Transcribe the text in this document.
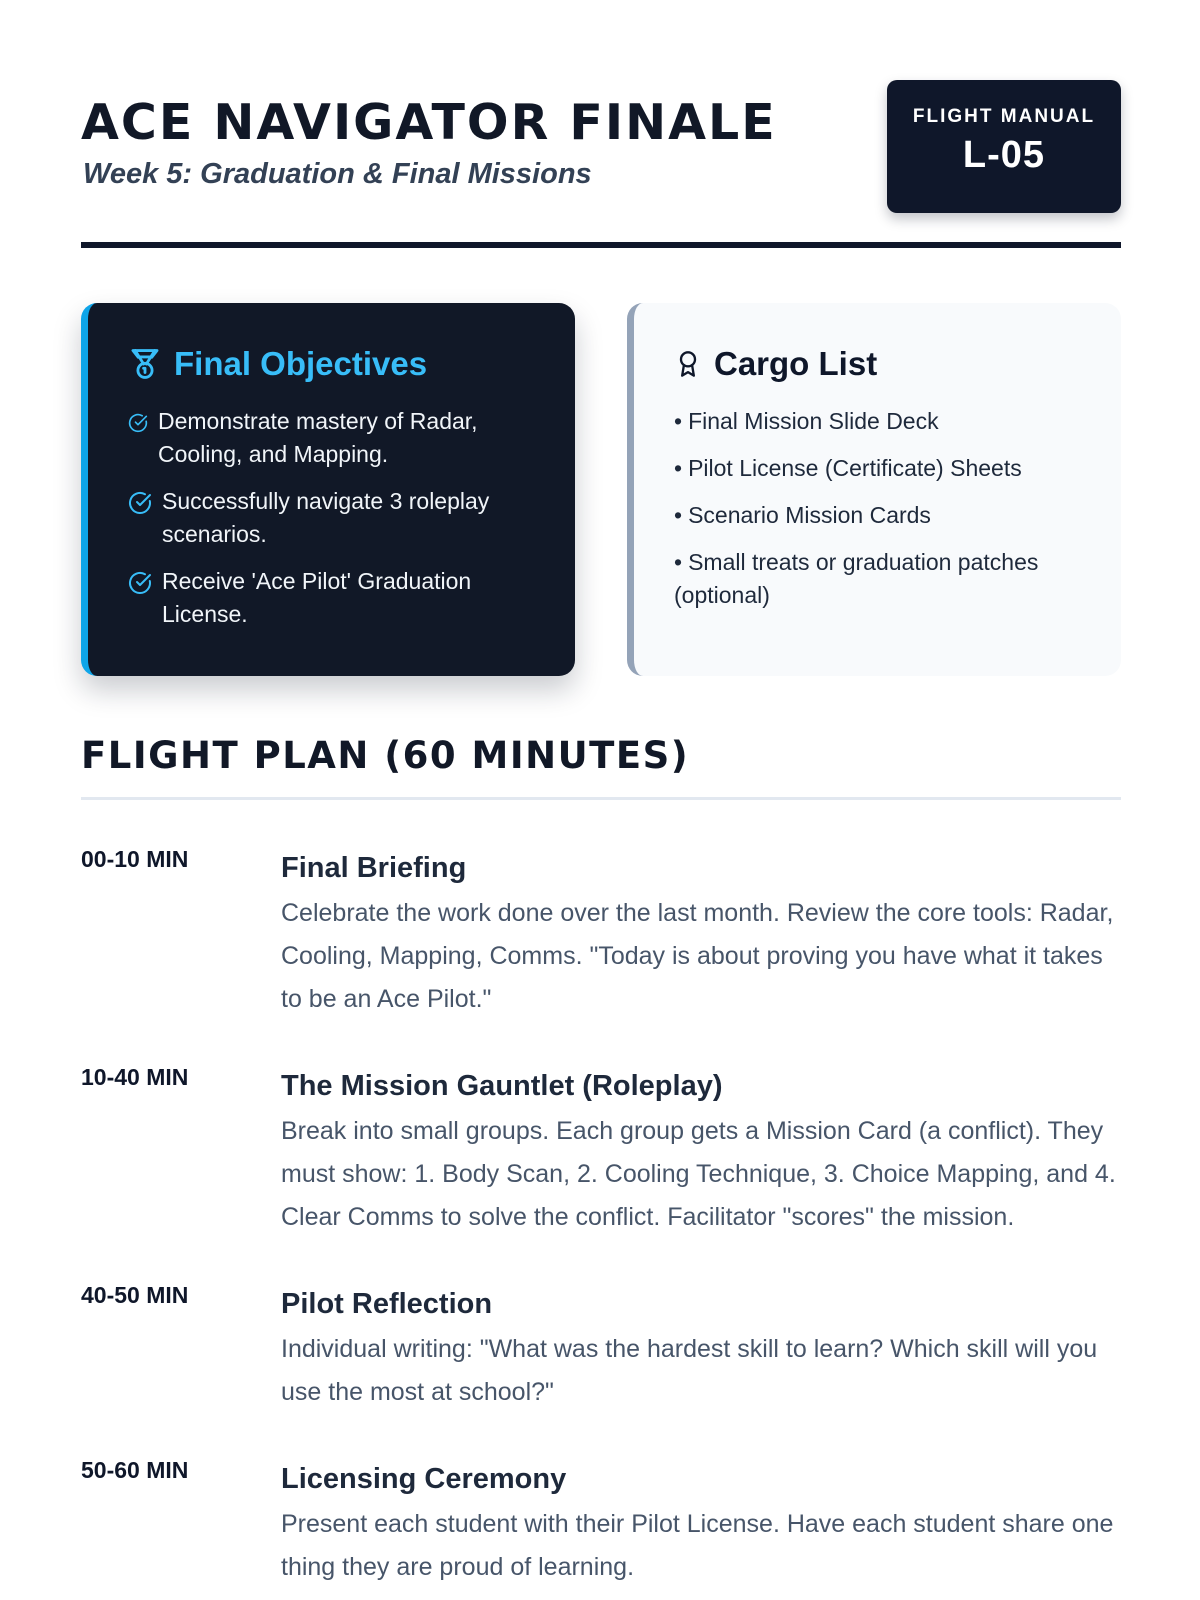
ACE NAVIGATOR FINALE

Week 5: Graduation & Final Missions

FLIGHT MANUAL
L-05
Final Objectives
Demonstrate mastery of Radar, Cooling, and Mapping.
Successfully navigate 3 roleplay scenarios.
Receive 'Ace Pilot' Graduation License.
Cargo List
• Final Mission Slide Deck
• Pilot License (Certificate) Sheets
• Scenario Mission Cards
• Small treats or graduation patches (optional)
FLIGHT PLAN (60 MINUTES)
00-10 MIN	Final Briefing

Celebrate the work done over the last month. Review the core tools: Radar, Cooling, Mapping, Comms. "Today is about proving you have what it takes to be an Ace Pilot."

10-40 MIN	The Mission Gauntlet (Roleplay)

Break into small groups. Each group gets a Mission Card (a conflict). They must show: 1. Body Scan, 2. Cooling Technique, 3. Choice Mapping, and 4. Clear Comms to solve the conflict. Facilitator "scores" the mission.

40-50 MIN	Pilot Reflection

Individual writing: "What was the hardest skill to learn? Which skill will you use the most at school?"

50-60 MIN	Licensing Ceremony

Present each student with their Pilot License. Have each student share one thing they are proud of learning.
